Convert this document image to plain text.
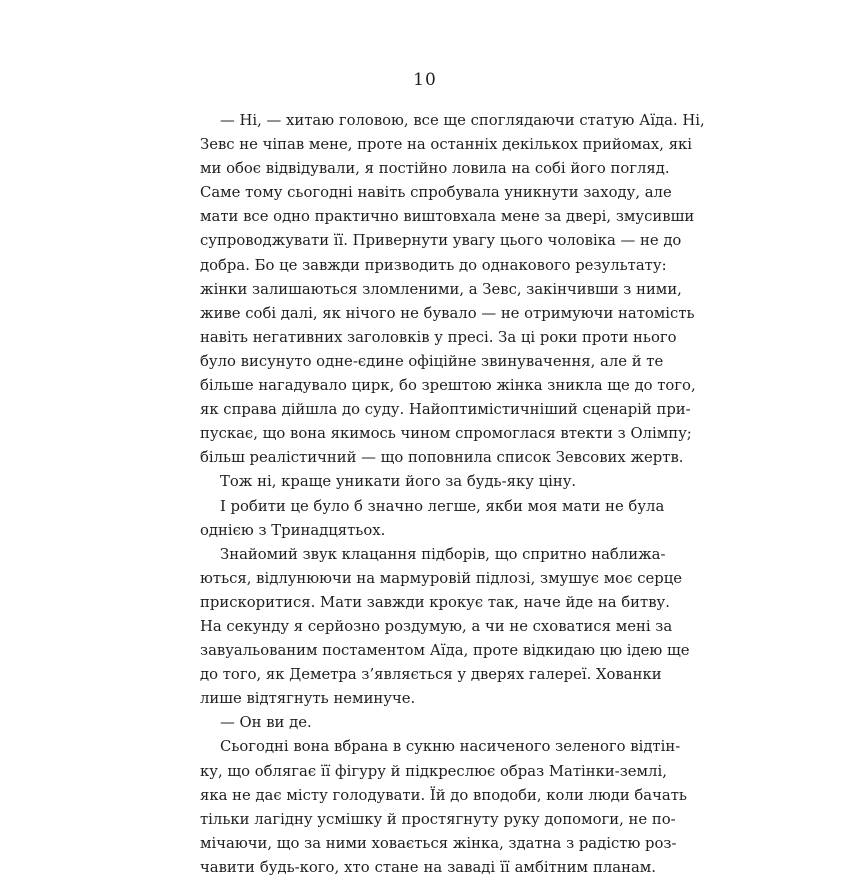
10
— Ні, — хитаю головою, все ще споглядаючи статую Аїда. Ні,
Зевс не чіпав мене, проте на останніх декількох прийомах, які
ми обоє відвідували, я постійно ловила на собі його погляд.
Саме тому сьогодні навіть спробувала уникнути заходу, але
мати все одно практично виштовхала мене за двері, змусивши
супроводжувати її. Привернути увагу цього чоловіка — не до
добра. Бо це завжди призводить до однакового результату:
жінки залишаються зломленими, а Зевс, закінчивши з ними,
живе собі далі, як нічого не бувало — не отримуючи натомість
навіть негативних заголовків у пресі. За ці роки проти нього
було висунуто одне-єдине офіційне звинувачення, але й те
більше нагадувало цирк, бо зрештою жінка зникла ще до того,
як справа дійшла до суду. Найоптимістичніший сценарій при-
пускає, що вона якимось чином спромоглася втекти з Олімпу;
більш реалістичний — що поповнила список Зевсових жертв.
Тож ні, краще уникати його за будь-яку ціну.
І робити це було б значно легше, якби моя мати не була
однією з Тринадцятьох.
Знайомий звук клацання підборів, що спритно наближа-
ються, відлунюючи на мармуровій підлозі, змушує моє серце
прискоритися. Мати завжди крокує так, наче йде на битву.
На секунду я серйозно роздумую, а чи не сховатися мені за
завуальованим постаментом Аїда, проте відкидаю цю ідею ще
до того, як Деметра з’являється у дверях галереї. Хованки
лише відтягнуть неминуче.
— Он ви де.
Сьогодні вона вбрана в сукню насиченого зеленого відтін-
ку, що облягає її фігуру й підкреслює образ Матінки-землі,
яка не дає місту голодувати. Їй до вподоби, коли люди бачать
тільки лагідну усмішку й простягнуту руку допомоги, не по-
мічаючи, що за ними ховається жінка, здатна з радістю роз-
чавити будь-кого, хто стане на заваді її амбітним планам.
